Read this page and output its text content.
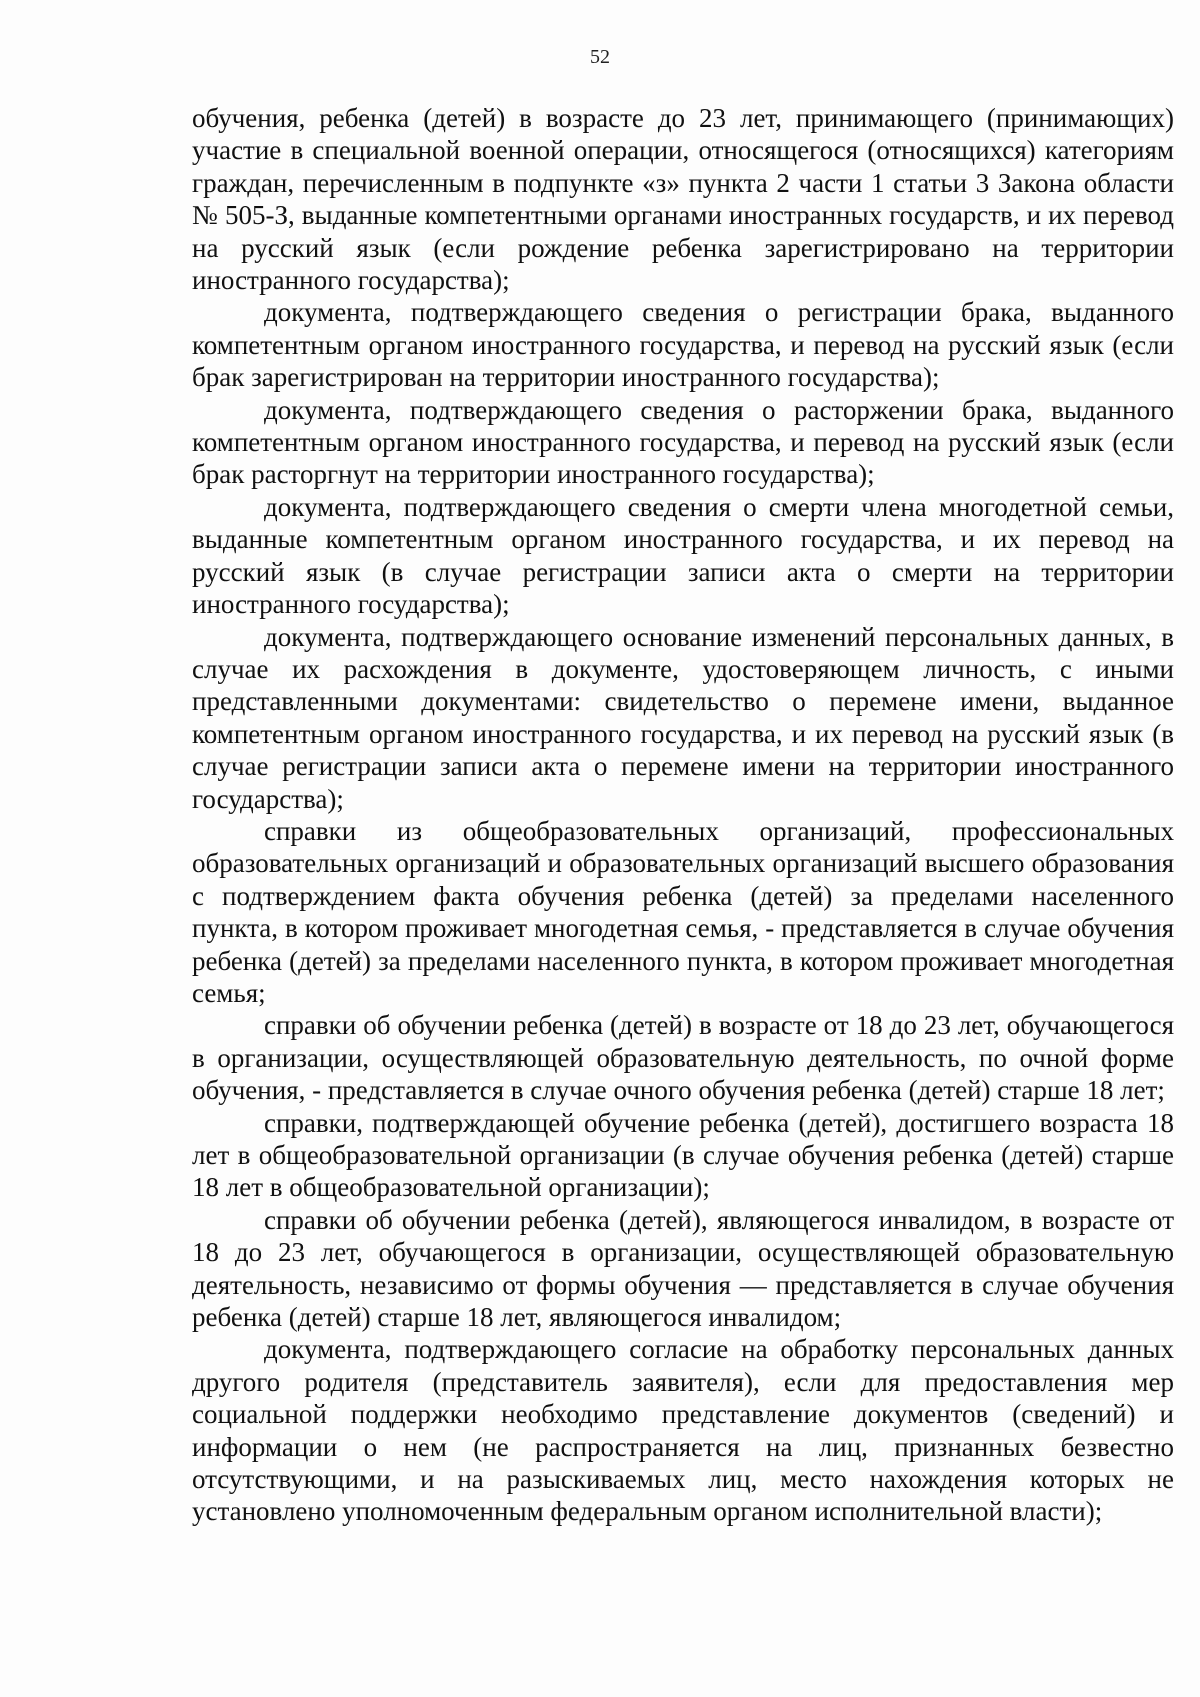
52

обучения, ребенка (детей) в возрасте до 23 лет, принимающего (принимающих) участие в специальной военной операции, относящегося (относящихся) категориям граждан, перечисленным в подпункте «з» пункта 2 части 1 статьи 3 Закона области № 505-З, выданные компетентными органами иностранных государств, и их перевод на русский язык (если рождение ребенка зарегистрировано на территории иностранного государства);

документа, подтверждающего сведения о регистрации брака, выданного компетентным органом иностранного государства, и перевод на русский язык (если брак зарегистрирован на территории иностранного государства);

документа, подтверждающего сведения о расторжении брака, выданного компетентным органом иностранного государства, и перевод на русский язык (если брак расторгнут на территории иностранного государства);

документа, подтверждающего сведения о смерти члена многодетной семьи, выданные компетентным органом иностранного государства, и их перевод на русский язык (в случае регистрации записи акта о смерти на территории иностранного государства);

документа, подтверждающего основание изменений персональных данных, в случае их расхождения в документе, удостоверяющем личность, с иными представленными документами: свидетельство о перемене имени, выданное компетентным органом иностранного государства, и их перевод на русский язык (в случае регистрации записи акта о перемене имени на территории иностранного государства);

справки из общеобразовательных организаций, профессиональных образовательных организаций и образовательных организаций высшего образования с подтверждением факта обучения ребенка (детей) за пределами населенного пункта, в котором проживает многодетная семья, - представляется в случае обучения ребенка (детей) за пределами населенного пункта, в котором проживает многодетная семья;

справки об обучении ребенка (детей) в возрасте от 18 до 23 лет, обучающегося в организации, осуществляющей образовательную деятельность, по очной форме обучения, - представляется в случае очного обучения ребенка (детей) старше 18 лет;

справки, подтверждающей обучение ребенка (детей), достигшего возраста 18 лет в общеобразовательной организации (в случае обучения ребенка (детей) старше 18 лет в общеобразовательной организации);

справки об обучении ребенка (детей), являющегося инвалидом, в возрасте от 18 до 23 лет, обучающегося в организации, осуществляющей образовательную деятельность, независимо от формы обучения — представляется в случае обучения ребенка (детей) старше 18 лет, являющегося инвалидом;

документа, подтверждающего согласие на обработку персональных данных другого родителя (представитель заявителя), если для предоставления мер социальной поддержки необходимо представление документов (сведений) и информации о нем (не распространяется на лиц, признанных безвестно отсутствующими, и на разыскиваемых лиц, место нахождения которых не установлено уполномоченным федеральным органом исполнительной власти);
